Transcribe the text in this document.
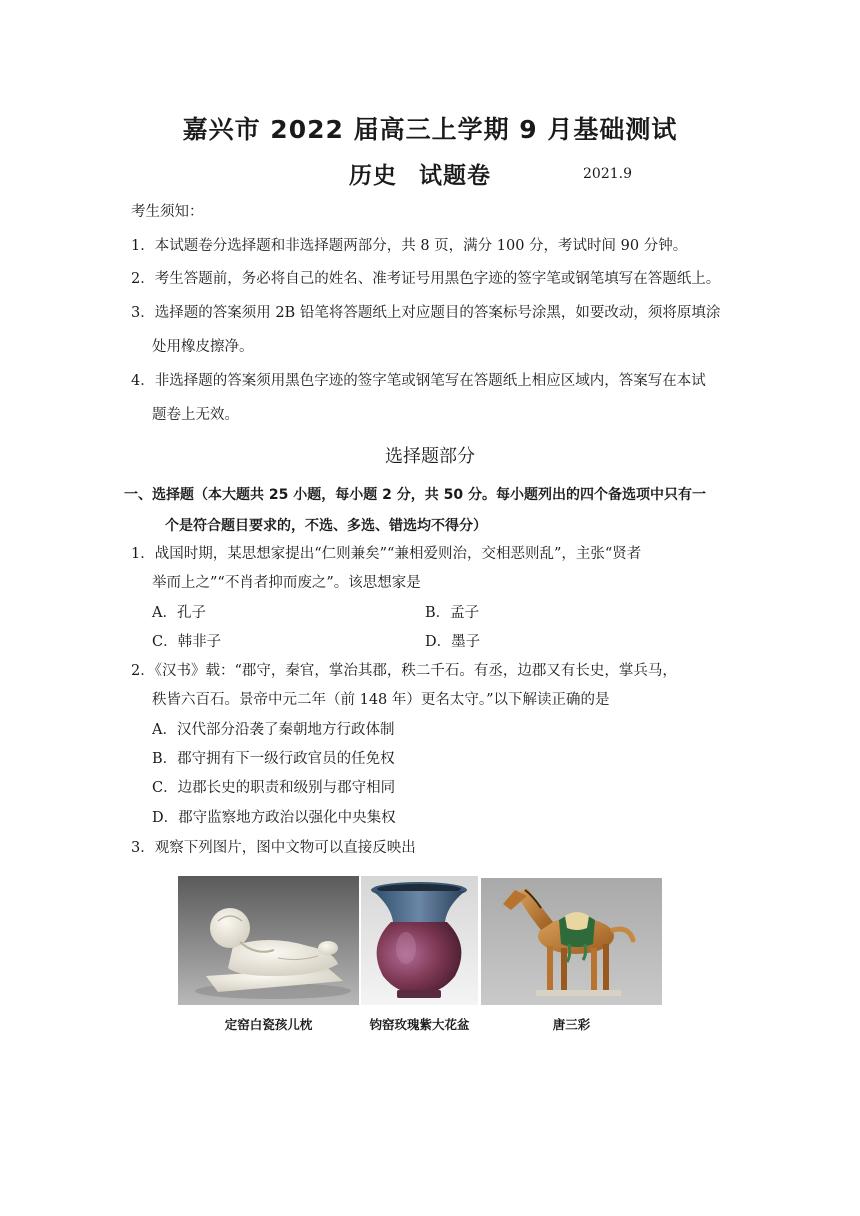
嘉兴市 2022 届高三上学期 9 月基础测试
历史 试题卷	2021.9
考生须知：
1．本试题卷分选择题和非选择题两部分，共 8 页，满分 100 分，考试时间 90 分钟。
2．考生答题前，务必将自己的姓名、准考证号用黑色字迹的签字笔或钢笔填写在答题纸上。
3．选择题的答案须用 2B 铅笔将答题纸上对应题目的答案标号涂黑，如要改动，须将原填涂
处用橡皮擦净。
4．非选择题的答案须用黑色字迹的签字笔或钢笔写在答题纸上相应区域内，答案写在本试
题卷上无效。
选择题部分
一、选择题（本大题共 25 小题，每小题 2 分，共 50 分。每小题列出的四个备选项中只有一
个是符合题目要求的，不选、多选、错选均不得分）
1．战国时期，某思想家提出“仁则兼矣”“兼相爱则治，交相恶则乱”，主张“贤者
举而上之”“不肖者抑而废之”。该思想家是
A．孔子	B．孟子
C．韩非子	D．墨子
2．《汉书》载：“郡守，秦官，掌治其郡，秩二千石。有丞，边郡又有长史，掌兵马，
秩皆六百石。景帝中元二年（前 148 年）更名太守。”以下解读正确的是
A．汉代部分沿袭了秦朝地方行政体制
B．郡守拥有下一级行政官员的任免权
C．边郡长史的职责和级别与郡守相同
D．郡守监察地方政治以强化中央集权
3．观察下列图片，图中文物可以直接反映出
定窑白瓷孩儿枕	钧窑玫瑰紫大花盆	唐三彩
